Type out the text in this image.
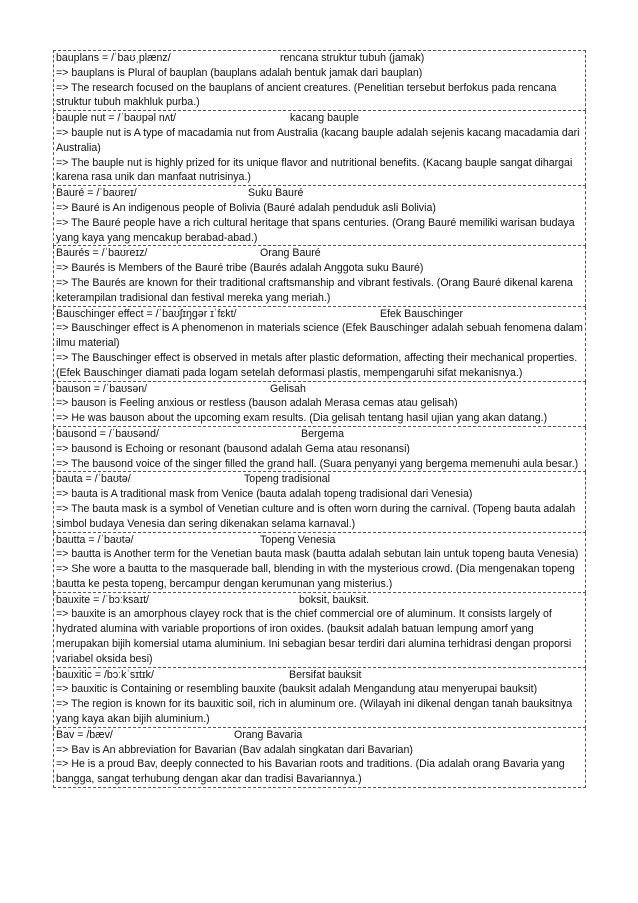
bauplans = /ˈbaʊˌplænz/	rencana struktur tubuh (jamak)
=> bauplans is Plural of bauplan (bauplans adalah bentuk jamak dari bauplan)
=> The research focused on the bauplans of ancient creatures. (Penelitian tersebut berfokus pada rencana struktur tubuh makhluk purba.)
bauple nut = /ˈbaʊpəl nʌt/	kacang bauple
=> bauple nut is A type of macadamia nut from Australia (kacang bauple adalah sejenis kacang macadamia dari Australia)
=> The bauple nut is highly prized for its unique flavor and nutritional benefits. (Kacang bauple sangat dihargai karena rasa unik dan manfaat nutrisinya.)
Bauré = /ˈbaʊreɪ/	Suku Bauré
=> Bauré is An indigenous people of Bolivia (Bauré adalah penduduk asli Bolivia)
=> The Bauré people have a rich cultural heritage that spans centuries. (Orang Bauré memiliki warisan budaya yang kaya yang mencakup berabad-abad.)
Baurés = /ˈbaʊreɪz/	Orang Bauré
=> Baurés is Members of the Bauré tribe (Baurés adalah Anggota suku Bauré)
=> The Baurés are known for their traditional craftsmanship and vibrant festivals. (Orang Bauré dikenal karena keterampilan tradisional dan festival mereka yang meriah.)
Bauschinger effect = /ˈbaʊʃɪŋɡər ɪˈfɛkt/	Efek Bauschinger
=> Bauschinger effect is A phenomenon in materials science (Efek Bauschinger adalah sebuah fenomena dalam ilmu material)
=> The Bauschinger effect is observed in metals after plastic deformation, affecting their mechanical properties. (Efek Bauschinger diamati pada logam setelah deformasi plastis, mempengaruhi sifat mekanisnya.)
bauson = /ˈbaʊsən/	Gelisah
=> bauson is Feeling anxious or restless (bauson adalah Merasa cemas atau gelisah)
=> He was bauson about the upcoming exam results. (Dia gelisah tentang hasil ujian yang akan datang.)
bausond = /ˈbaʊsənd/	Bergema
=> bausond is Echoing or resonant (bausond adalah Gema atau resonansi)
=> The bausond voice of the singer filled the grand hall. (Suara penyanyi yang bergema memenuhi aula besar.)
bauta = /ˈbaʊtə/	Topeng tradisional
=> bauta is A traditional mask from Venice (bauta adalah topeng tradisional dari Venesia)
=> The bauta mask is a symbol of Venetian culture and is often worn during the carnival. (Topeng bauta adalah simbol budaya Venesia dan sering dikenakan selama karnaval.)
bautta = /ˈbaʊtə/	Topeng Venesia
=> bautta is Another term for the Venetian bauta mask (bautta adalah sebutan lain untuk topeng bauta Venesia)
=> She wore a bautta to the masquerade ball, blending in with the mysterious crowd. (Dia mengenakan topeng bautta ke pesta topeng, bercampur dengan kerumunan yang misterius.)
bauxite = /ˈbɔːksaɪt/	boksit, bauksit.
=> bauxite is an amorphous clayey rock that is the chief commercial ore of aluminum. It consists largely of hydrated alumina with variable proportions of iron oxides. (bauksit adalah batuan lempung amorf yang merupakan bijih komersial utama aluminium. Ini sebagian besar terdiri dari alumina terhidrasi dengan proporsi variabel oksida besi)
bauxitic = /bɔːkˈsɪtɪk/	Bersifat bauksit
=> bauxitic is Containing or resembling bauxite (bauksit adalah Mengandung atau menyerupai bauksit)
=> The region is known for its bauxitic soil, rich in aluminum ore. (Wilayah ini dikenal dengan tanah bauksitnya yang kaya akan bijih aluminium.)
Bav = /bæv/	Orang Bavaria
=> Bav is An abbreviation for Bavarian (Bav adalah singkatan dari Bavarian)
=> He is a proud Bav, deeply connected to his Bavarian roots and traditions. (Dia adalah orang Bavaria yang bangga, sangat terhubung dengan akar dan tradisi Bavariannya.)
